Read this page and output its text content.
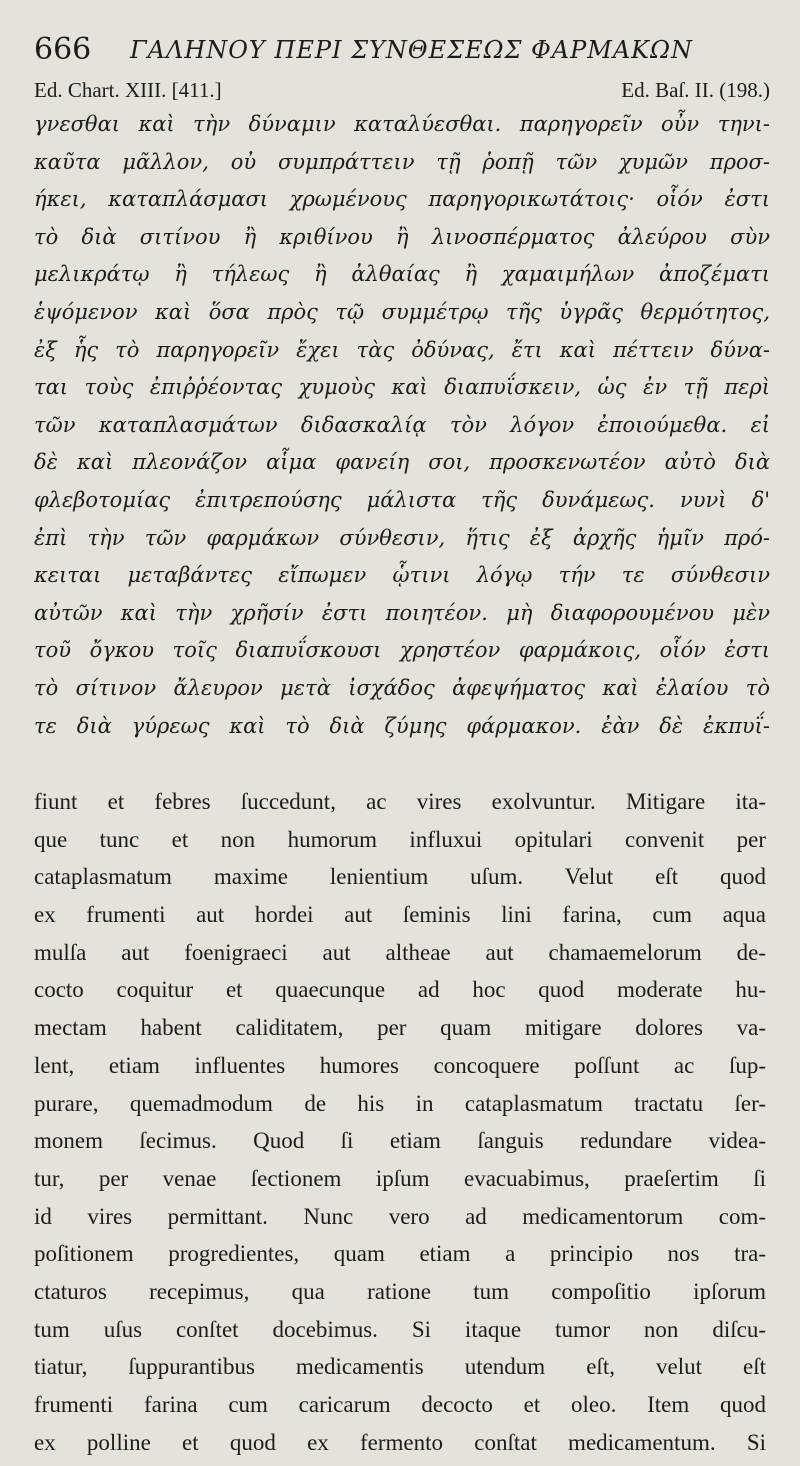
666 ΓΑΛΗΝΟΥ ΠΕΡΙ ΣΥΝΘΕΣΕΩΣ ΦΑΡΜΑΚΩΝ
Ed. Chart. XIII. [411.]	Ed. Baſ. II. (198.)
γνεσθαι καὶ τὴν δύναμιν καταλύεσθαι. παρηγορεῖν οὖν τηνι-
καῦτα μᾶλλον, οὐ συμπράττειν τῇ ῥοπῇ τῶν χυμῶν προσ-
ήκει, καταπλάσμασι χρωμένους παρηγορικωτάτοις· οἷόν ἐστι
τὸ διὰ σιτίνου ἢ κριθίνου ἢ λινοσπέρματος ἀλεύρου σὺν
μελικράτῳ ἢ τήλεως ἢ ἀλθαίας ἢ χαμαιμήλων ἀποζέματι
ἑψόμενον καὶ ὅσα πρὸς τῷ συμμέτρῳ τῆς ὑγρᾶς θερμότητος,
ἐξ ἧς τὸ παρηγορεῖν ἔχει τὰς ὀδύνας, ἔτι καὶ πέττειν δύνα-
ται τοὺς ἐπιῤῥέοντας χυμοὺς καὶ διαπυΐσκειν, ὡς ἐν τῇ περὶ
τῶν καταπλασμάτων διδασκαλίᾳ τὸν λόγον ἐποιούμεθα. εἰ
δὲ καὶ πλεονάζον αἷμα φανείη σοι, προσκενωτέον αὐτὸ διὰ
φλεβοτομίας ἐπιτρεπούσης μάλιστα τῆς δυνάμεως. νυνὶ δ'
ἐπὶ τὴν τῶν φαρμάκων σύνθεσιν, ἥτις ἐξ ἀρχῆς ἡμῖν πρό-
κειται μεταβάντες εἴπωμεν ᾧτινι λόγῳ τήν τε σύνθεσιν
αὐτῶν καὶ τὴν χρῆσίν ἐστι ποιητέον. μὴ διαφορουμένου μὲν
τοῦ ὄγκου τοῖς διαπυΐσκουσι χρηστέον φαρμάκοις, οἷόν ἐστι
τὸ σίτινον ἄλευρον μετὰ ἰσχάδος ἀφεψήματος καὶ ἐλαίου τὸ
τε διὰ γύρεως καὶ τὸ διὰ ζύμης φάρμακον. ἐὰν δὲ ἐκπυΐ-
fiunt et febres ſuccedunt, ac vires exolvuntur. Mitigare ita-
que tunc et non humorum influxui opitulari convenit per
cataplasmatum maxime lenientium uſum. Velut eſt quod
ex frumenti aut hordei aut ſeminis lini farina, cum aqua
mulſa aut foenigraeci aut altheae aut chamaemelorum de-
cocto coquitur et quaecunque ad hoc quod moderate hu-
mectam habent caliditatem, per quam mitigare dolores va-
lent, etiam influentes humores concoquere poſſunt ac ſup-
purare, quemadmodum de his in cataplasmatum tractatu ſer-
monem ſecimus. Quod ſi etiam ſanguis redundare videa-
tur, per venae ſectionem ipſum evacuabimus, praeſertim ſi
id vires permittant. Nunc vero ad medicamentorum com-
poſitionem progredientes, quam etiam a principio nos tra-
ctaturos recepimus, qua ratione tum compoſitio ipſorum
tum uſus conſtet docebimus. Si itaque tumor non diſcu-
tiatur, ſuppurantibus medicamentis utendum eſt, velut eſt
frumenti farina cum caricarum decocto et oleo. Item quod
ex polline et quod ex fermento conſtat medicamentum. Si
